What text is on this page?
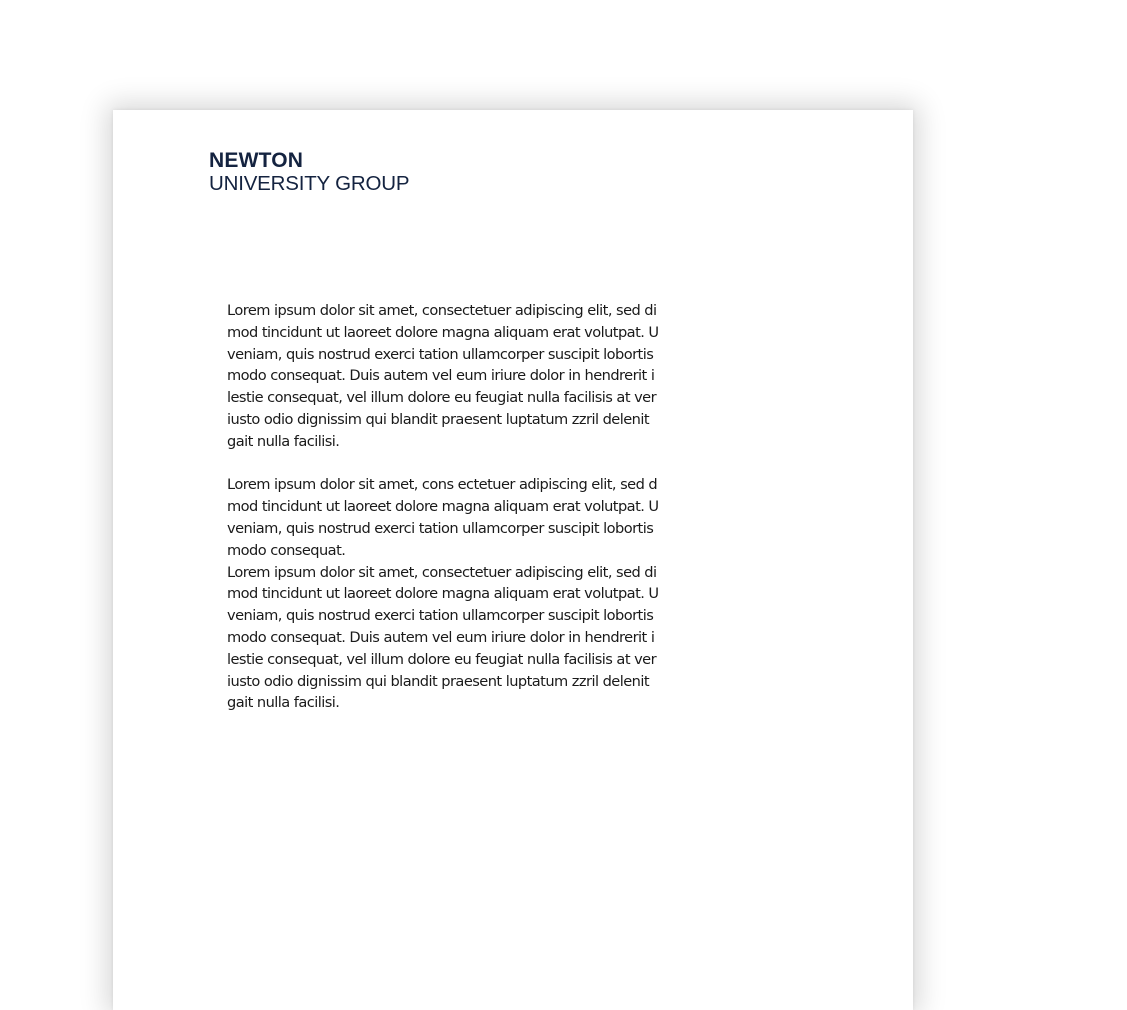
NEWTON
UNIVERSITY GROUP

Lorem ipsum dolor sit amet, consectetuer adipiscing elit, sed di
mod tincidunt ut laoreet dolore magna aliquam erat volutpat. U
veniam, quis nostrud exerci tation ullamcorper suscipit lobortis
modo consequat. Duis autem vel eum iriure dolor in hendrerit i
lestie consequat, vel illum dolore eu feugiat nulla facilisis at ver
iusto odio dignissim qui blandit praesent luptatum zzril delenit
gait nulla facilisi.

Lorem ipsum dolor sit amet, cons ectetuer adipiscing elit, sed d
mod tincidunt ut laoreet dolore magna aliquam erat volutpat. U
veniam, quis nostrud exerci tation ullamcorper suscipit lobortis
modo consequat.

Lorem ipsum dolor sit amet, consectetuer adipiscing elit, sed di
mod tincidunt ut laoreet dolore magna aliquam erat volutpat. U
veniam, quis nostrud exerci tation ullamcorper suscipit lobortis
modo consequat. Duis autem vel eum iriure dolor in hendrerit i
lestie consequat, vel illum dolore eu feugiat nulla facilisis at ver
iusto odio dignissim qui blandit praesent luptatum zzril delenit
gait nulla facilisi.
